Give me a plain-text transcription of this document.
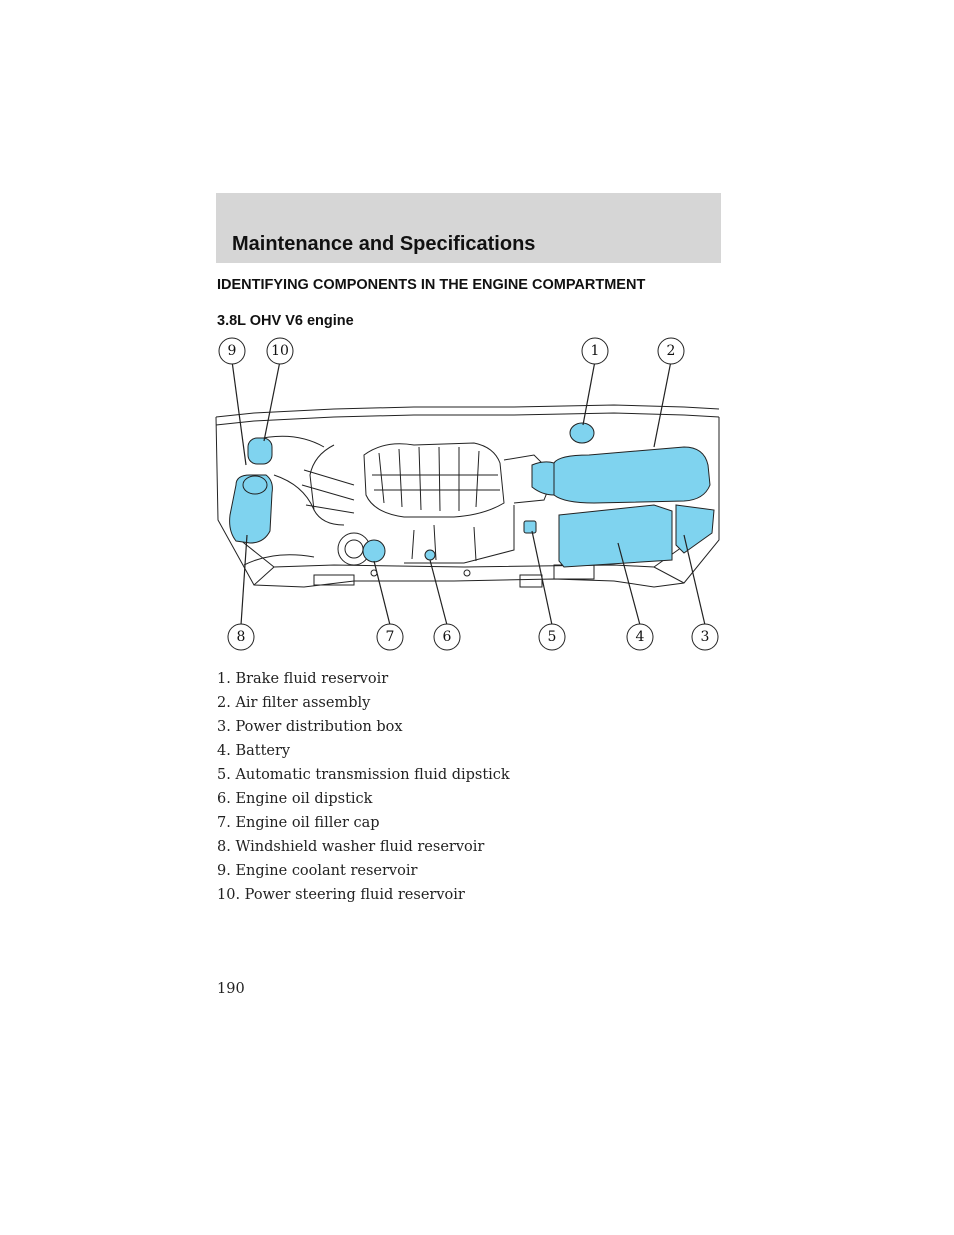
Maintenance and Specifications
IDENTIFYING COMPONENTS IN THE ENGINE COMPARTMENT
3.8L OHV V6 engine
9 10	1	2
8	7	6	5	4	3
1. Brake fluid reservoir
2. Air filter assembly
3. Power distribution box
4. Battery
5. Automatic transmission fluid dipstick
6. Engine oil dipstick
7. Engine oil filler cap
8. Windshield washer fluid reservoir
9. Engine coolant reservoir
10. Power steering fluid reservoir
190
